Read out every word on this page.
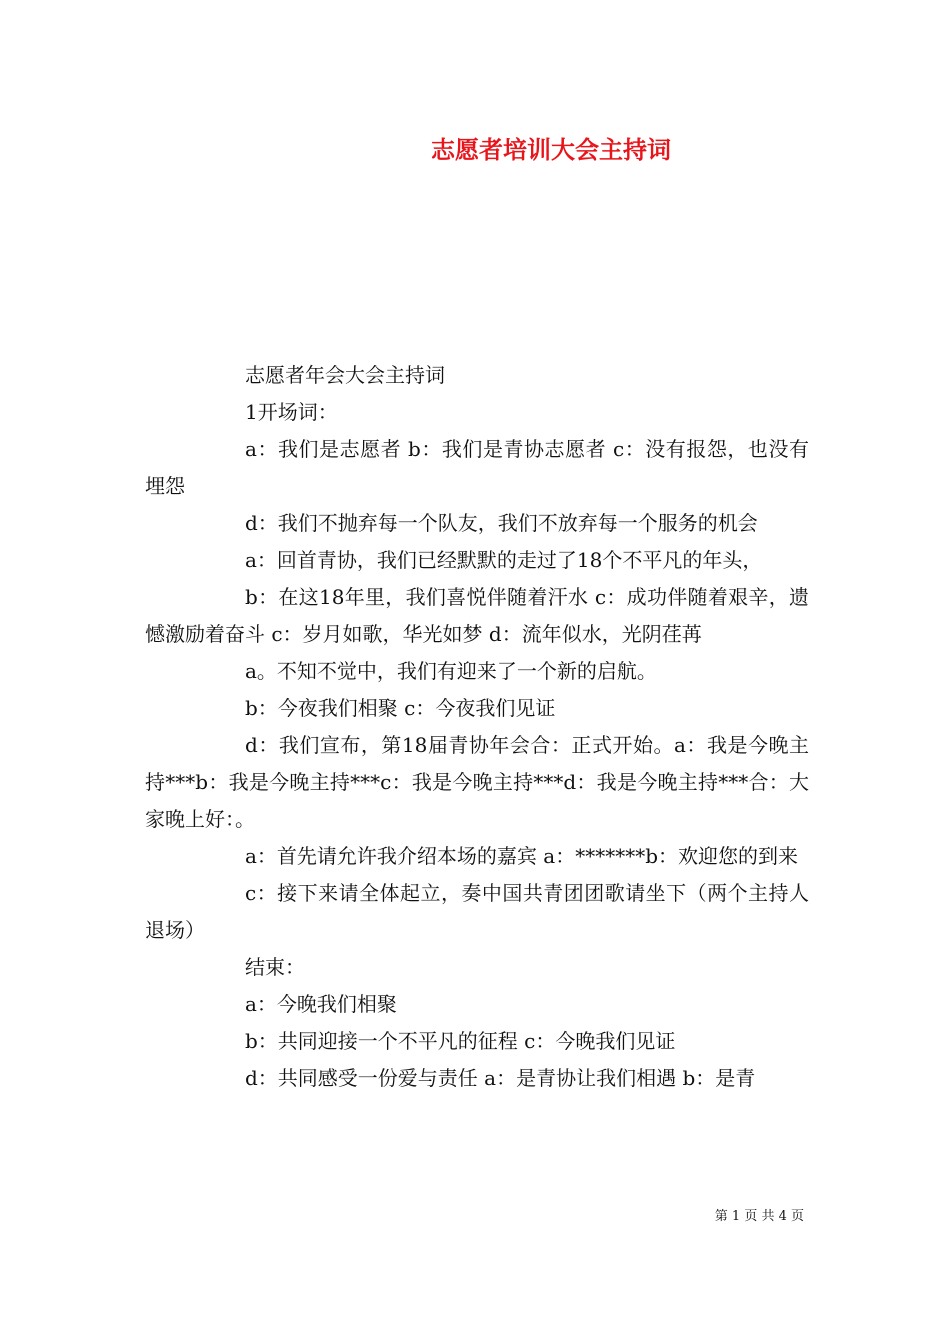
志愿者培训大会主持词

志愿者年会大会主持词

1开场词：

a：我们是志愿者 b：我们是青协志愿者 c：没有报怨，也没有埋怨

d：我们不抛弃每一个队友，我们不放弃每一个服务的机会

a：回首青协，我们已经默默的走过了18个不平凡的年头，

b：在这18年里，我们喜悦伴随着汗水 c：成功伴随着艰辛，遗憾激励着奋斗 c：岁月如歌，华光如梦 d：流年似水，光阴荏苒

a。不知不觉中，我们有迎来了一个新的启航。

b：今夜我们相聚 c：今夜我们见证

d：我们宣布，第18届青协年会合：正式开始。a：我是今晚主持***b：我是今晚主持***c：我是今晚主持***d：我是今晚主持***合：大家晚上好：。

a：首先请允许我介绍本场的嘉宾 a：*******b：欢迎您的到来

c：接下来请全体起立，奏中国共青团团歌请坐下（两个主持人退场）

结束：

a：今晚我们相聚

b：共同迎接一个不平凡的征程 c：今晚我们见证

d：共同感受一份爱与责任 a：是青协让我们相遇 b：是青

第 1 页 共 4 页
